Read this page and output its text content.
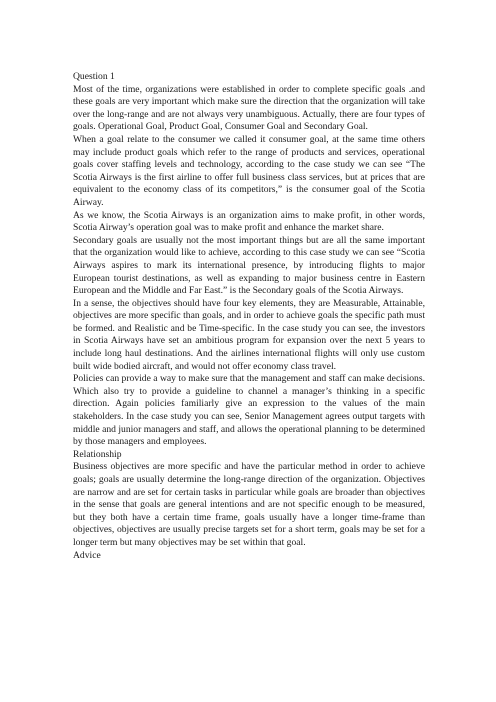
Question 1

Most of the time, organizations were established in order to complete specific goals .and these goals are very important which make sure the direction that the organization will take over the long-range and are not always very unambiguous. Actually, there are four types of goals. Operational Goal, Product Goal, Consumer Goal and Secondary Goal.

When a goal relate to the consumer we called it consumer goal, at the same time others may include product goals which refer to the range of products and services, operational goals cover staffing levels and technology, according to the case study we can see “The Scotia Airways is the first airline to offer full business class services, but at prices that are equivalent to the economy class of its competitors,” is the consumer goal of the Scotia Airway.

As we know, the Scotia Airways is an organization aims to make profit, in other words, Scotia Airway’s operation goal was to make profit and enhance the market share.

Secondary goals are usually not the most important things but are all the same important that the organization would like to achieve, according to this case study we can see “Scotia Airways aspires to mark its international presence, by introducing flights to major European tourist destinations, as well as expanding to major business centre in Eastern European and the Middle and Far East.” is the Secondary goals of the Scotia Airways.

In a sense, the objectives should have four key elements, they are Measurable, Attainable, objectives are more specific than goals, and in order to achieve goals the specific path must be formed. and Realistic and be Time-specific. In the case study you can see, the investors in Scotia Airways have set an ambitious program for expansion over the next 5 years to include long haul destinations. And the airlines international flights will only use custom built wide bodied aircraft, and would not offer economy class travel.

Policies can provide a way to make sure that the management and staff can make decisions. Which also try to provide a guideline to channel a manager’s thinking in a specific direction. Again policies familiarly give an expression to the values of the main stakeholders. In the case study you can see, Senior Management agrees output targets with middle and junior managers and staff, and allows the operational planning to be determined by those managers and employees.

Relationship

Business objectives are more specific and have the particular method in order to achieve goals; goals are usually determine the long-range direction of the organization. Objectives are narrow and are set for certain tasks in particular while goals are broader than objectives in the sense that goals are general intentions and are not specific enough to be measured, but they both have a certain time frame, goals usually have a longer time-frame than objectives, objectives are usually precise targets set for a short term, goals may be set for a longer term but many objectives may be set within that goal.

Advice
